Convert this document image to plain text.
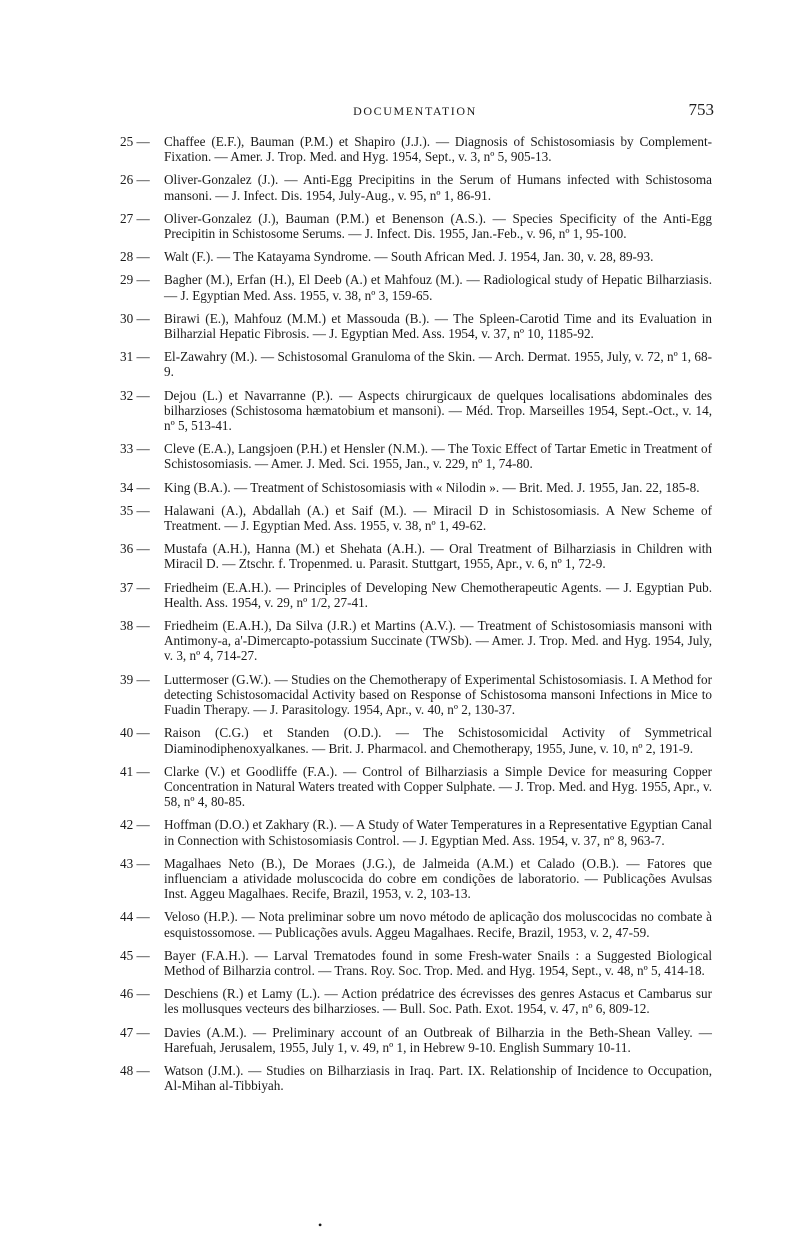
DOCUMENTATION	753
25 —	Chaffee (E.F.), Bauman (P.M.) et Shapiro (J.J.). — Diagnosis of Schistosomiasis by Complement-Fixation. — Amer. J. Trop. Med. and Hyg. 1954, Sept., v. 3, nº 5, 905-13.
26 —	Oliver-Gonzalez (J.). — Anti-Egg Precipitins in the Serum of Humans infected with Schistosoma mansoni. — J. Infect. Dis. 1954, July-Aug., v. 95, nº 1, 86-91.
27 —	Oliver-Gonzalez (J.), Bauman (P.M.) et Benenson (A.S.). — Species Specificity of the Anti-Egg Precipitin in Schistosome Serums. — J. Infect. Dis. 1955, Jan.-Feb., v. 96, nº 1, 95-100.
28 —	Walt (F.). — The Katayama Syndrome. — South African Med. J. 1954, Jan. 30, v. 28, 89-93.
29 —	Bagher (M.), Erfan (H.), El Deeb (A.) et Mahfouz (M.). — Radiological study of Hepatic Bilharziasis. — J. Egyptian Med. Ass. 1955, v. 38, nº 3, 159-65.
30 —	Birawi (E.), Mahfouz (M.M.) et Massouda (B.). — The Spleen-Carotid Time and its Evaluation in Bilharzial Hepatic Fibrosis. — J. Egyptian Med. Ass. 1954, v. 37, nº 10, 1185-92.
31 —	El-Zawahry (M.). — Schistosomal Granuloma of the Skin. — Arch. Dermat. 1955, July, v. 72, nº 1, 68-9.
32 —	Dejou (L.) et Navarranne (P.). — Aspects chirurgicaux de quelques localisations abdominales des bilharzioses (Schistosoma hæmatobium et mansoni). — Méd. Trop. Marseilles 1954, Sept.-Oct., v. 14, nº 5, 513-41.
33 —	Cleve (E.A.), Langsjoen (P.H.) et Hensler (N.M.). — The Toxic Effect of Tartar Emetic in Treatment of Schistosomiasis. — Amer. J. Med. Sci. 1955, Jan., v. 229, nº 1, 74-80.
34 —	King (B.A.). — Treatment of Schistosomiasis with « Nilodin ». — Brit. Med. J. 1955, Jan. 22, 185-8.
35 —	Halawani (A.), Abdallah (A.) et Saif (M.). — Miracil D in Schistosomiasis. A New Scheme of Treatment. — J. Egyptian Med. Ass. 1955, v. 38, nº 1, 49-62.
36 —	Mustafa (A.H.), Hanna (M.) et Shehata (A.H.). — Oral Treatment of Bilharziasis in Children with Miracil D. — Ztschr. f. Tropenmed. u. Parasit. Stuttgart, 1955, Apr., v. 6, nº 1, 72-9.
37 —	Friedheim (E.A.H.). — Principles of Developing New Chemotherapeutic Agents. — J. Egyptian Pub. Health. Ass. 1954, v. 29, nº 1/2, 27-41.
38 —	Friedheim (E.A.H.), Da Silva (J.R.) et Martins (A.V.). — Treatment of Schistosomiasis mansoni with Antimony-a, a'-Dimercapto-potassium Succinate (TWSb). — Amer. J. Trop. Med. and Hyg. 1954, July, v. 3, nº 4, 714-27.
39 —	Luttermoser (G.W.). — Studies on the Chemotherapy of Experimental Schistosomiasis. I. A Method for detecting Schistosomacidal Activity based on Response of Schistosoma mansoni Infections in Mice to Fuadin Therapy. — J. Parasitology. 1954, Apr., v. 40, nº 2, 130-37.
40 —	Raison (C.G.) et Standen (O.D.). — The Schistosomicidal Activity of Symmetrical Diaminodiphenoxyalkanes. — Brit. J. Pharmacol. and Chemotherapy, 1955, June, v. 10, nº 2, 191-9.
41 —	Clarke (V.) et Goodliffe (F.A.). — Control of Bilharziasis a Simple Device for measuring Copper Concentration in Natural Waters treated with Copper Sulphate. — J. Trop. Med. and Hyg. 1955, Apr., v. 58, nº 4, 80-85.
42 —	Hoffman (D.O.) et Zakhary (R.). — A Study of Water Temperatures in a Representative Egyptian Canal in Connection with Schistosomiasis Control. — J. Egyptian Med. Ass. 1954, v. 37, nº 8, 963-7.
43 —	Magalhaes Neto (B.), De Moraes (J.G.), de Jalmeida (A.M.) et Calado (O.B.). — Fatores que influenciam a atividade moluscocida do cobre em condições de laboratorio. — Publicações Avulsas Inst. Aggeu Magalhaes. Recife, Brazil, 1953, v. 2, 103-13.
44 —	Veloso (H.P.). — Nota preliminar sobre um novo método de aplicação dos moluscocidas no combate à esquistossomose. — Publicações avuls. Aggeu Magalhaes. Recife, Brazil, 1953, v. 2, 47-59.
45 —	Bayer (F.A.H.). — Larval Trematodes found in some Fresh-water Snails : a Suggested Biological Method of Bilharzia control. — Trans. Roy. Soc. Trop. Med. and Hyg. 1954, Sept., v. 48, nº 5, 414-18.
46 —	Deschiens (R.) et Lamy (L.). — Action prédatrice des écrevisses des genres Astacus et Cambarus sur les mollusques vecteurs des bilharzioses. — Bull. Soc. Path. Exot. 1954, v. 47, nº 6, 809-12.
47 —	Davies (A.M.). — Preliminary account of an Outbreak of Bilharzia in the Beth-Shean Valley. — Harefuah, Jerusalem, 1955, July 1, v. 49, nº 1, in Hebrew 9-10. English Summary 10-11.
48 —	Watson (J.M.). — Studies on Bilharziasis in Iraq. Part. IX. Relationship of Incidence to Occupation, Al-Mihan al-Tibbiyah.
•
